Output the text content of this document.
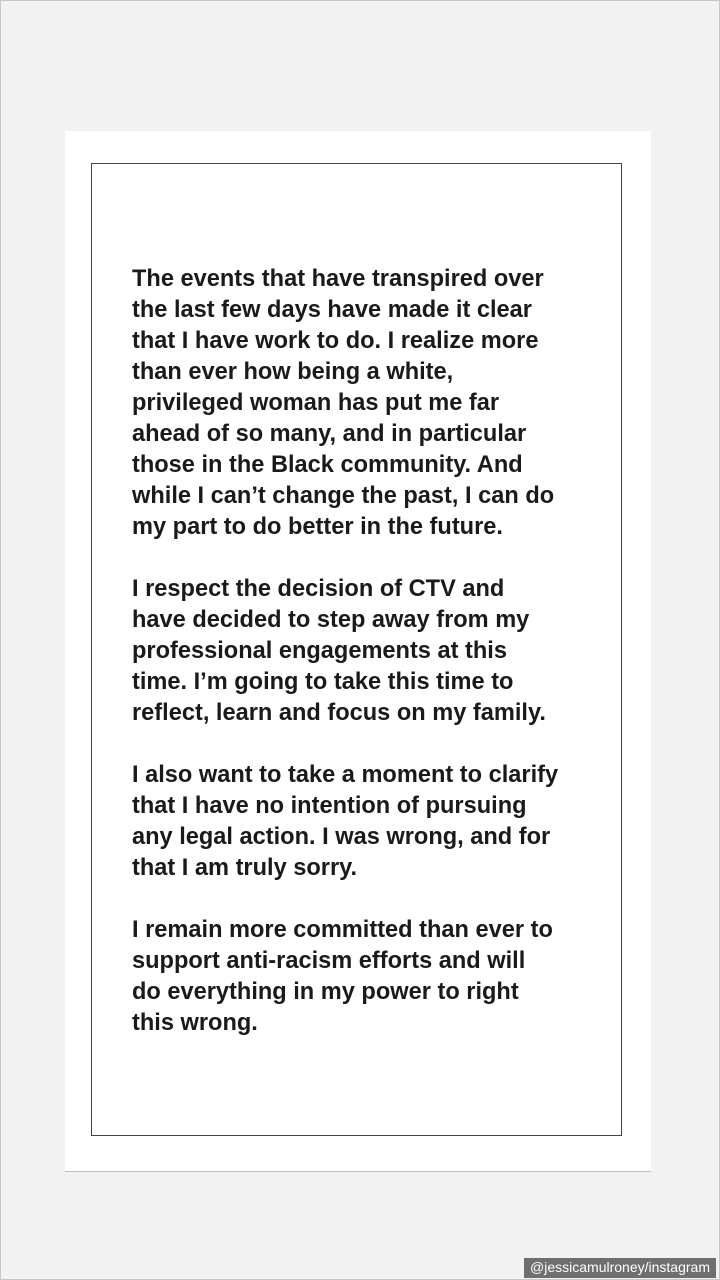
The events that have transpired over
the last few days have made it clear
that I have work to do. I realize more
than ever how being a white,
privileged woman has put me far
ahead of so many, and in particular
those in the Black community. And
while I can’t change the past, I can do
my part to do better in the future.

I respect the decision of CTV and
have decided to step away from my
professional engagements at this
time. I’m going to take this time to
reflect, learn and focus on my family.

I also want to take a moment to clarify
that I have no intention of pursuing
any legal action. I was wrong, and for
that I am truly sorry.

I remain more committed than ever to
support anti-racism efforts and will
do everything in my power to right
this wrong.

@jessicamulroney/instagram
